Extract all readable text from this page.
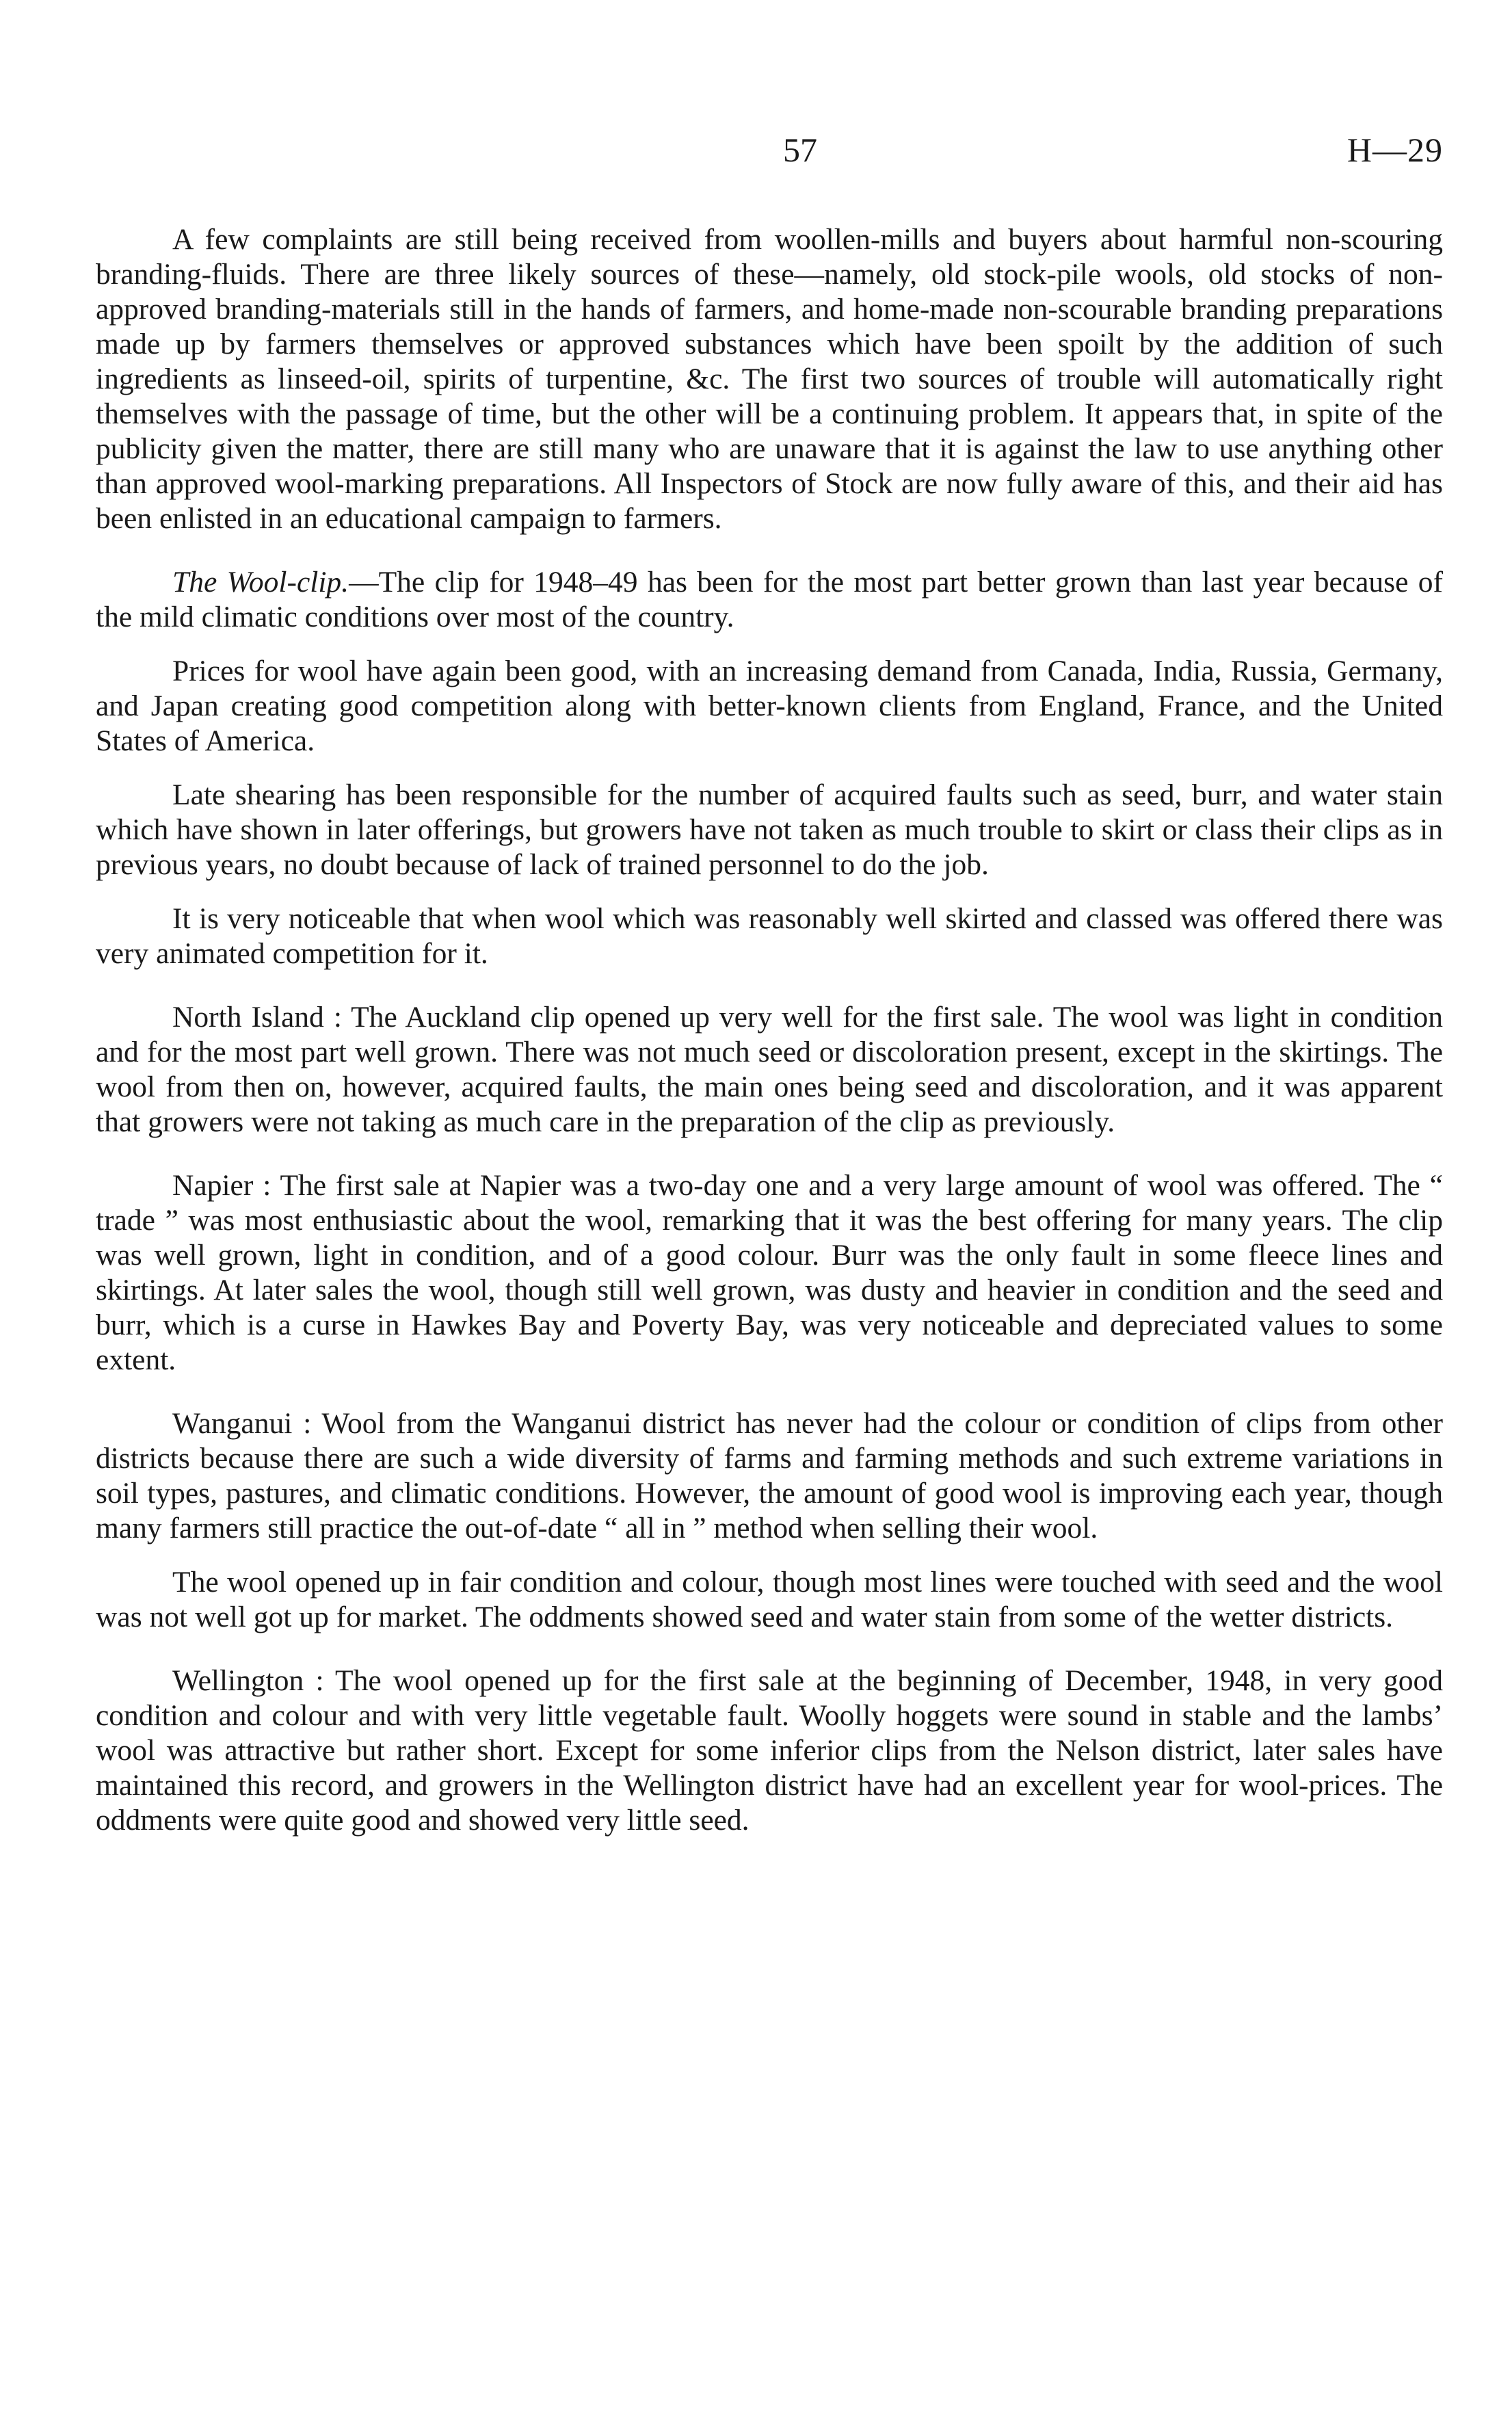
57	H—29

A few complaints are still being received from woollen-mills and buyers about harmful non-scouring branding-fluids. There are three likely sources of these—namely, old stock-pile wools, old stocks of non-approved branding-materials still in the hands of farmers, and home-made non-scourable branding preparations made up by farmers themselves or approved substances which have been spoilt by the addition of such ingredients as linseed-oil, spirits of turpentine, &c. The first two sources of trouble will automatically right themselves with the passage of time, but the other will be a continuing problem. It appears that, in spite of the publicity given the matter, there are still many who are unaware that it is against the law to use anything other than approved wool-marking preparations. All Inspectors of Stock are now fully aware of this, and their aid has been enlisted in an educational campaign to farmers.

The Wool-clip.—The clip for 1948–49 has been for the most part better grown than last year because of the mild climatic conditions over most of the country.

Prices for wool have again been good, with an increasing demand from Canada, India, Russia, Germany, and Japan creating good competition along with better-known clients from England, France, and the United States of America.

Late shearing has been responsible for the number of acquired faults such as seed, burr, and water stain which have shown in later offerings, but growers have not taken as much trouble to skirt or class their clips as in previous years, no doubt because of lack of trained personnel to do the job.

It is very noticeable that when wool which was reasonably well skirted and classed was offered there was very animated competition for it.

North Island : The Auckland clip opened up very well for the first sale. The wool was light in condition and for the most part well grown. There was not much seed or discoloration present, except in the skirtings. The wool from then on, however, acquired faults, the main ones being seed and discoloration, and it was apparent that growers were not taking as much care in the preparation of the clip as previously.

Napier : The first sale at Napier was a two-day one and a very large amount of wool was offered. The “ trade ” was most enthusiastic about the wool, remarking that it was the best offering for many years. The clip was well grown, light in condition, and of a good colour. Burr was the only fault in some fleece lines and skirtings. At later sales the wool, though still well grown, was dusty and heavier in condition and the seed and burr, which is a curse in Hawkes Bay and Poverty Bay, was very noticeable and depreciated values to some extent.

Wanganui : Wool from the Wanganui district has never had the colour or condition of clips from other districts because there are such a wide diversity of farms and farming methods and such extreme variations in soil types, pastures, and climatic conditions. However, the amount of good wool is improving each year, though many farmers still practice the out-of-date “ all in ” method when selling their wool.

The wool opened up in fair condition and colour, though most lines were touched with seed and the wool was not well got up for market. The oddments showed seed and water stain from some of the wetter districts.

Wellington : The wool opened up for the first sale at the beginning of December, 1948, in very good condition and colour and with very little vegetable fault. Woolly hoggets were sound in stable and the lambs’ wool was attractive but rather short. Except for some inferior clips from the Nelson district, later sales have maintained this record, and growers in the Wellington district have had an excellent year for wool-prices. The oddments were quite good and showed very little seed.
